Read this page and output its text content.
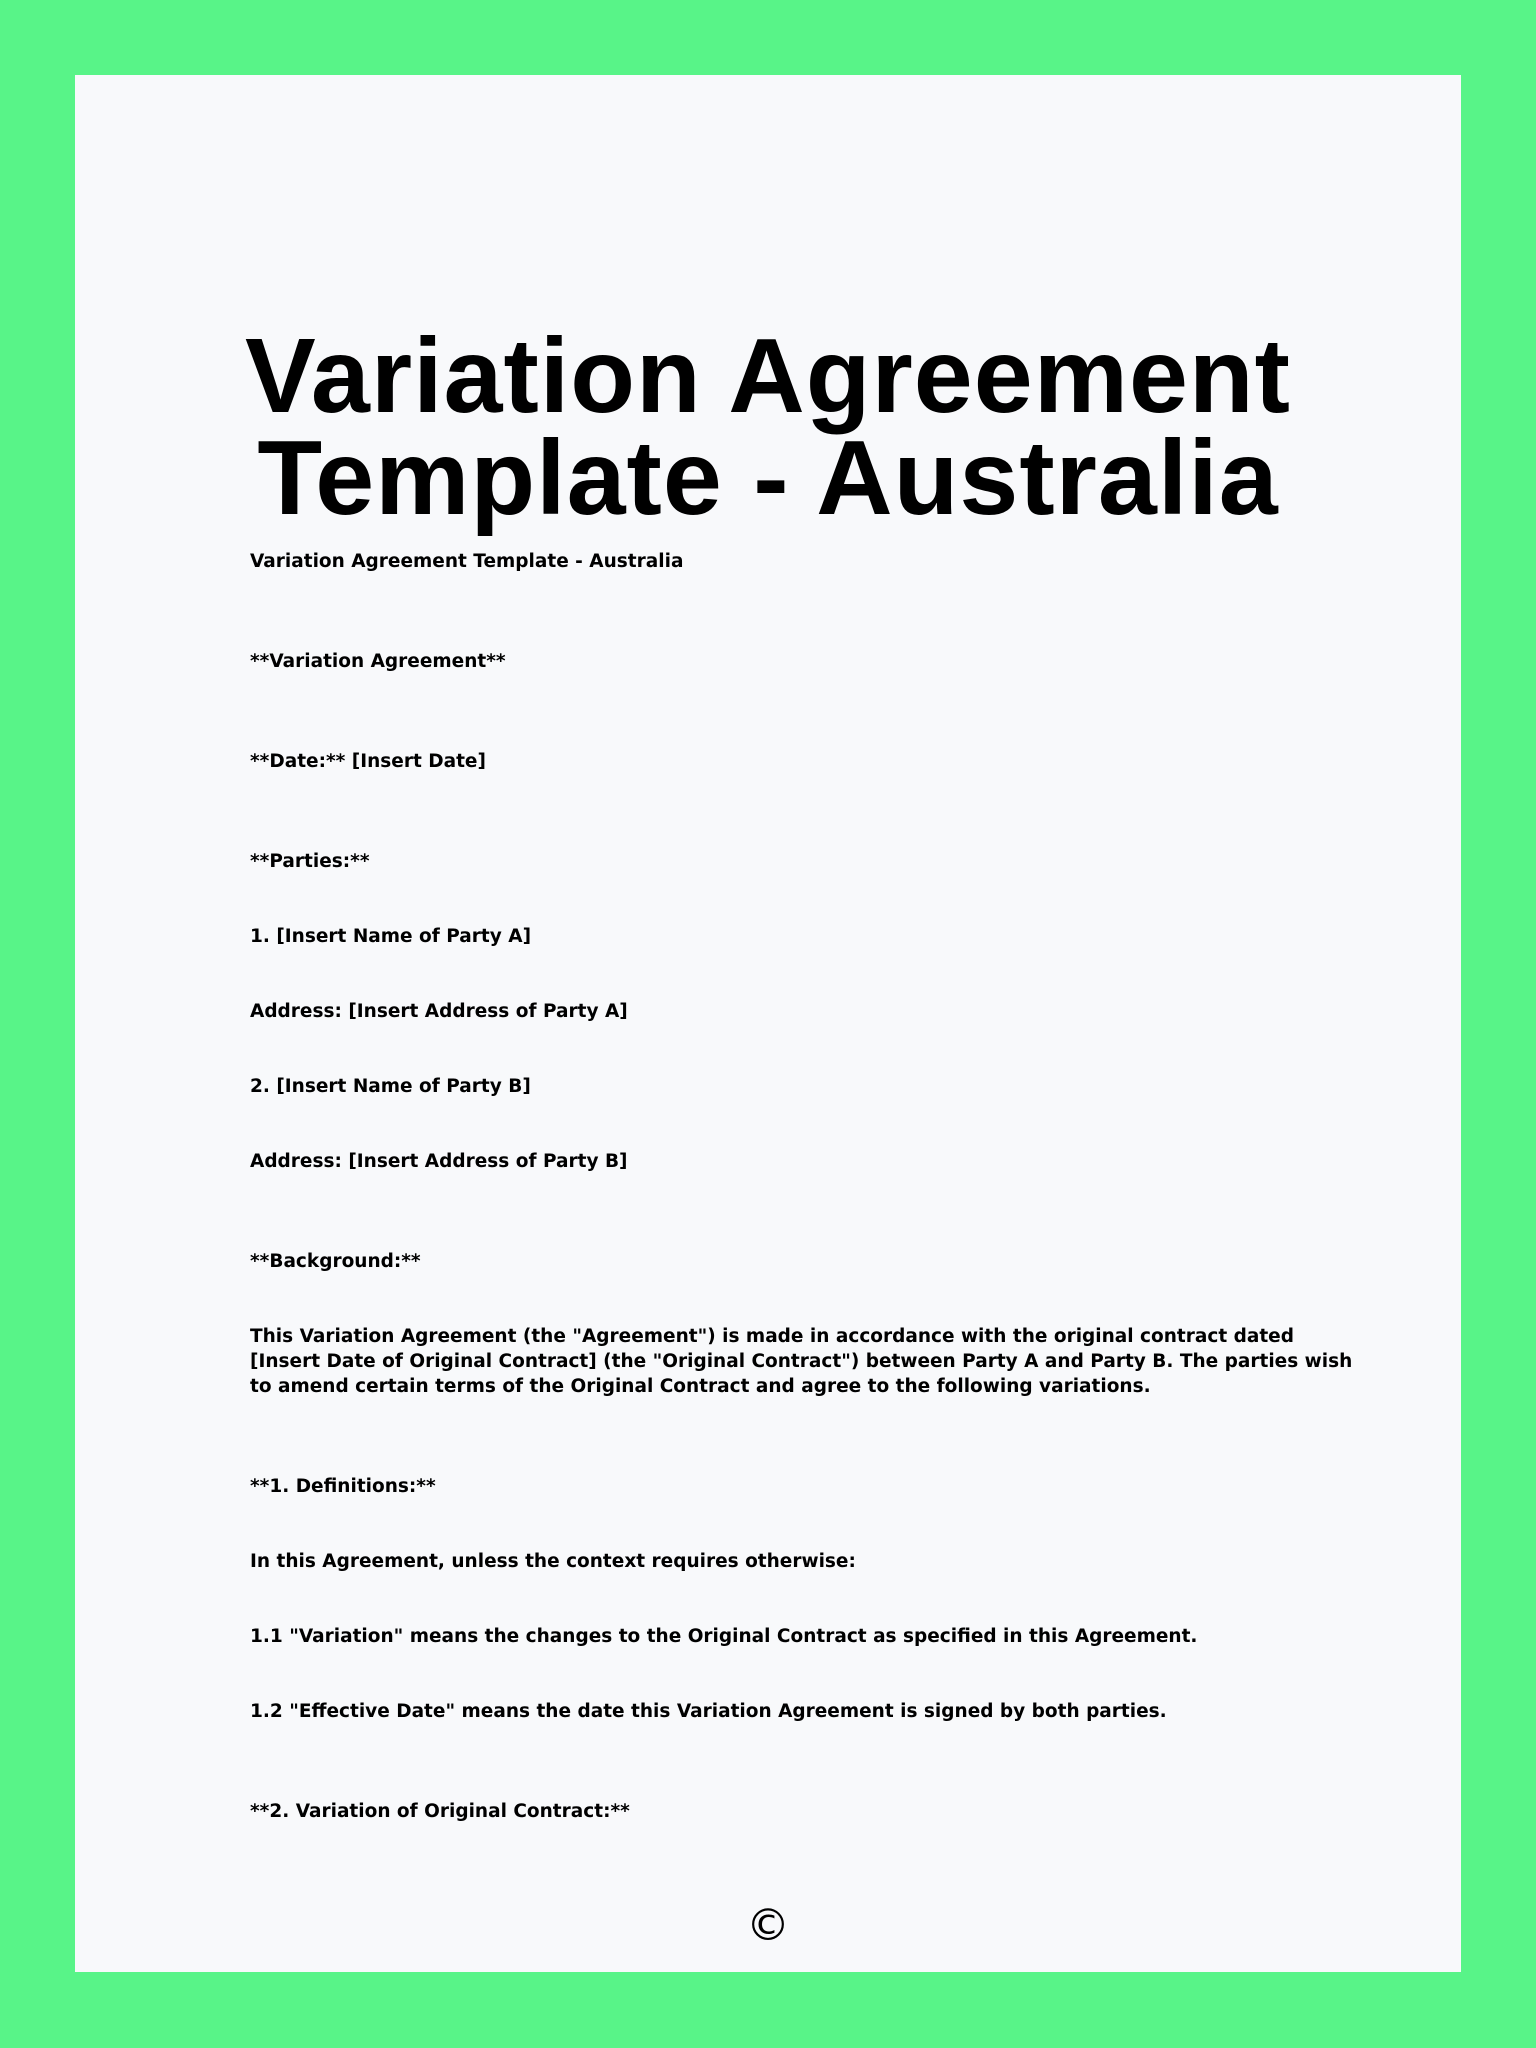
Variation Agreement
Template - Australia

Variation Agreement Template - Australia

**Variation Agreement**

**Date:** [Insert Date]

**Parties:**

1. [Insert Name of Party A]

Address: [Insert Address of Party A]

2. [Insert Name of Party B]

Address: [Insert Address of Party B]

**Background:**

This Variation Agreement (the "Agreement") is made in accordance with the original contract dated [Insert Date of Original Contract] (the "Original Contract") between Party A and Party B. The parties wish to amend certain terms of the Original Contract and agree to the following variations.

**1. Definitions:**

In this Agreement, unless the context requires otherwise:

1.1 "Variation" means the changes to the Original Contract as specified in this Agreement.

1.2 "Effective Date" means the date this Variation Agreement is signed by both parties.

**2. Variation of Original Contract:**

©
